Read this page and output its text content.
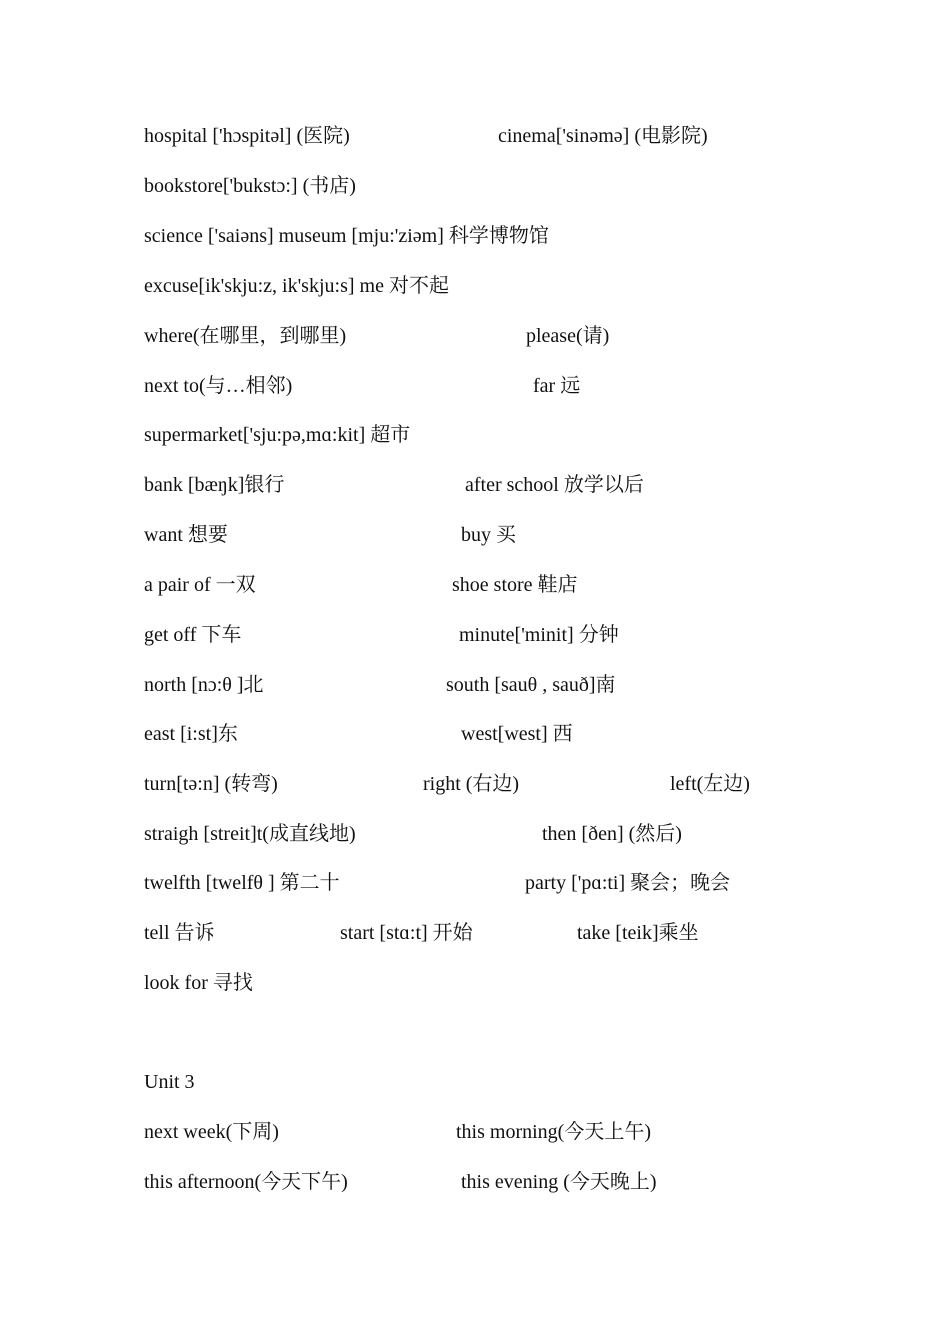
hospital ['hɔspitəl] (医院)	cinema['sinəmə] (电影院)
bookstore['bukstɔ:] (书店)
science ['saiəns] museum [mju:'ziəm] 科学博物馆
excuse[ik'skju:z, ik'skju:s] me 对不起
where(在哪里，到哪里)	please(请)
next to(与…相邻)	far 远
supermarket['sju:pə,mɑ:kit] 超市
bank [bæŋk]银行	after school 放学以后
want 想要	buy 买
a pair of 一双	shoe store 鞋店
get off 下车	minute['minit] 分钟
north [nɔ:θ ]北	south [sauθ , sauð]南
east [i:st]东	west[west] 西
turn[tə:n] (转弯)	right (右边)	left(左边)
straigh [streit]t(成直线地)	then [ðen] (然后)
twelfth [twelfθ ] 第二十	party ['pɑ:ti] 聚会；晚会
tell 告诉	start [stɑ:t] 开始	take [teik]乘坐
look for 寻找
Unit 3
next week(下周)	this morning(今天上午)
this afternoon(今天下午)	this evening (今天晚上)
